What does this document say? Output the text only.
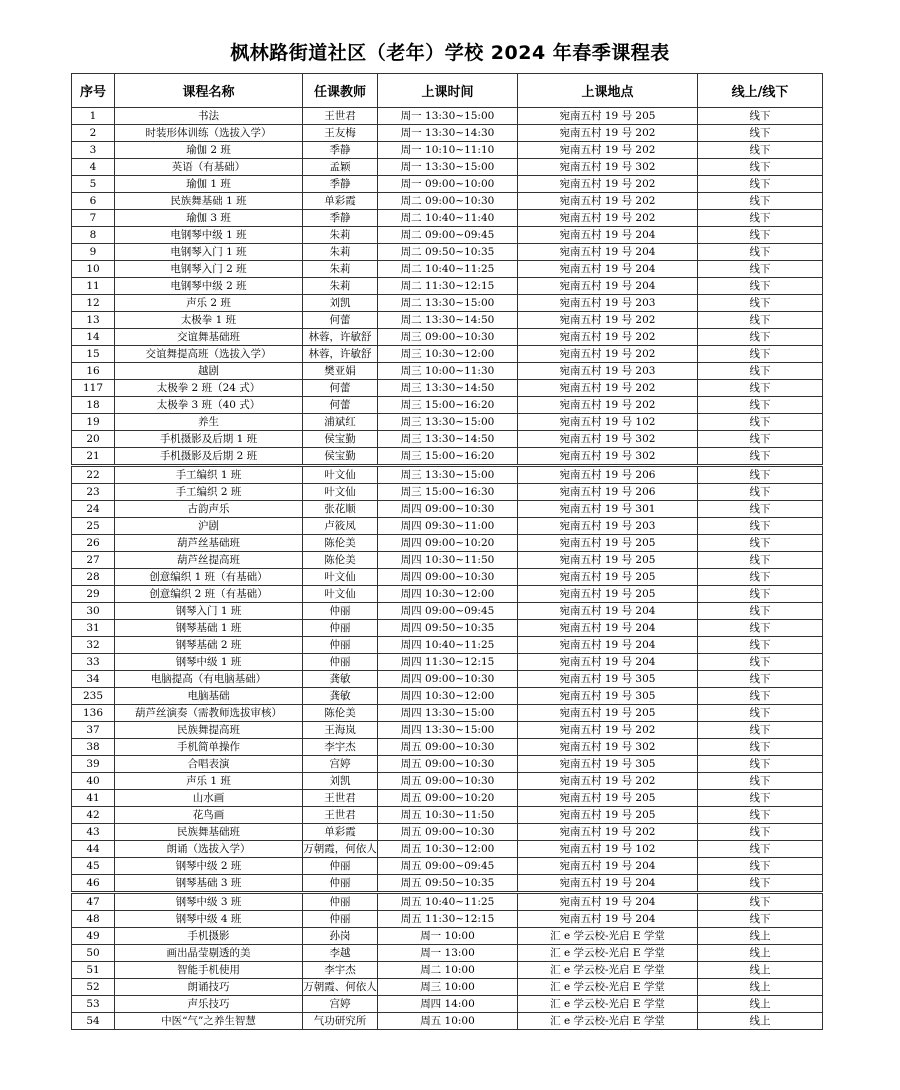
枫林路街道社区（老年）学校 2024 年春季课程表
序号	课程名称	任课教师	上课时间	上课地点	线上/线下
1	书法	王世君	周一 13:30~15:00	宛南五村 19 号 205	线下
2	时装形体训练（选拔入学）	王友梅	周一 13:30~14:30	宛南五村 19 号 202	线下
3	瑜伽 2 班	季静	周一 10:10~11:10	宛南五村 19 号 202	线下
4	英语（有基础）	孟颖	周一 13:30~15:00	宛南五村 19 号 302	线下
5	瑜伽 1 班	季静	周一 09:00~10:00	宛南五村 19 号 202	线下
6	民族舞基础 1 班	单彩霞	周二 09:00~10:30	宛南五村 19 号 202	线下
7	瑜伽 3 班	季静	周二 10:40~11:40	宛南五村 19 号 202	线下
8	电钢琴中级 1 班	朱莉	周二 09:00~09:45	宛南五村 19 号 204	线下
9	电钢琴入门 1 班	朱莉	周二 09:50~10:35	宛南五村 19 号 204	线下
10	电钢琴入门 2 班	朱莉	周二 10:40~11:25	宛南五村 19 号 204	线下
11	电钢琴中级 2 班	朱莉	周二 11:30~12:15	宛南五村 19 号 204	线下
12	声乐 2 班	刘凯	周二 13:30~15:00	宛南五村 19 号 203	线下
13	太极拳 1 班	何蕾	周二 13:30~14:50	宛南五村 19 号 202	线下
14	交谊舞基础班	林蓉，许敏舒	周三 09:00~10:30	宛南五村 19 号 202	线下
15	交谊舞提高班（选拔入学）	林蓉，许敏舒	周三 10:30~12:00	宛南五村 19 号 202	线下
16	越剧	樊亚娟	周三 10:00~11:30	宛南五村 19 号 203	线下
117	太极拳 2 班（24 式）	何蕾	周三 13:30~14:50	宛南五村 19 号 202	线下
18	太极拳 3 班（40 式）	何蕾	周三 15:00~16:20	宛南五村 19 号 202	线下
19	养生	浦斌红	周三 13:30~15:00	宛南五村 19 号 102	线下
20	手机摄影及后期 1 班	侯宝勤	周三 13:30~14:50	宛南五村 19 号 302	线下
21	手机摄影及后期 2 班	侯宝勤	周三 15:00~16:20	宛南五村 19 号 302	线下
22	手工编织 1 班	叶文仙	周三 13:30~15:00	宛南五村 19 号 206	线下
23	手工编织 2 班	叶文仙	周三 15:00~16:30	宛南五村 19 号 206	线下
24	古韵声乐	张花顺	周四 09:00~10:30	宛南五村 19 号 301	线下
25	沪剧	卢筱凤	周四 09:30~11:00	宛南五村 19 号 203	线下
26	葫芦丝基础班	陈伦美	周四 09:00~10:20	宛南五村 19 号 205	线下
27	葫芦丝提高班	陈伦美	周四 10:30~11:50	宛南五村 19 号 205	线下
28	创意编织 1 班（有基础）	叶文仙	周四 09:00~10:30	宛南五村 19 号 205	线下
29	创意编织 2 班（有基础）	叶文仙	周四 10:30~12:00	宛南五村 19 号 205	线下
30	钢琴入门 1 班	仲丽	周四 09:00~09:45	宛南五村 19 号 204	线下
31	钢琴基础 1 班	仲丽	周四 09:50~10:35	宛南五村 19 号 204	线下
32	钢琴基础 2 班	仲丽	周四 10:40~11:25	宛南五村 19 号 204	线下
33	钢琴中级 1 班	仲丽	周四 11:30~12:15	宛南五村 19 号 204	线下
34	电脑提高（有电脑基础）	龚敏	周四 09:00~10:30	宛南五村 19 号 305	线下
235	电脑基础	龚敏	周四 10:30~12:00	宛南五村 19 号 305	线下
136	葫芦丝演奏（需教师选拔审核）	陈伦美	周四 13:30~15:00	宛南五村 19 号 205	线下
37	民族舞提高班	王海岚	周四 13:30~15:00	宛南五村 19 号 202	线下
38	手机简单操作	李宇杰	周五 09:00~10:30	宛南五村 19 号 302	线下
39	合唱表演	宫婷	周五 09:00~10:30	宛南五村 19 号 305	线下
40	声乐 1 班	刘凯	周五 09:00~10:30	宛南五村 19 号 202	线下
41	山水画	王世君	周五 09:00~10:20	宛南五村 19 号 205	线下
42	花鸟画	王世君	周五 10:30~11:50	宛南五村 19 号 205	线下
43	民族舞基础班	单彩霞	周五 09:00~10:30	宛南五村 19 号 202	线下
44	朗诵（选拔入学）	万朝霞，何依人	周五 10:30~12:00	宛南五村 19 号 102	线下
45	钢琴中级 2 班	仲丽	周五 09:00~09:45	宛南五村 19 号 204	线下
46	钢琴基础 3 班	仲丽	周五 09:50~10:35	宛南五村 19 号 204	线下
47	钢琴中级 3 班	仲丽	周五 10:40~11:25	宛南五村 19 号 204	线下
48	钢琴中级 4 班	仲丽	周五 11:30~12:15	宛南五村 19 号 204	线下
49	手机摄影	孙岗	周一 10:00	汇 e 学云校-光启 E 学堂	线上
50	画出晶莹剔透的美	李越	周一 13:00	汇 e 学云校-光启 E 学堂	线上
51	智能手机使用	李宇杰	周二 10:00	汇 e 学云校-光启 E 学堂	线上
52	朗诵技巧	万朝霞、何依人	周三 10:00	汇 e 学云校-光启 E 学堂	线上
53	声乐技巧	宫婷	周四 14:00	汇 e 学云校-光启 E 学堂	线上
54	中医“气”之养生智慧	气功研究所	周五 10:00	汇 e 学云校-光启 E 学堂	线上
